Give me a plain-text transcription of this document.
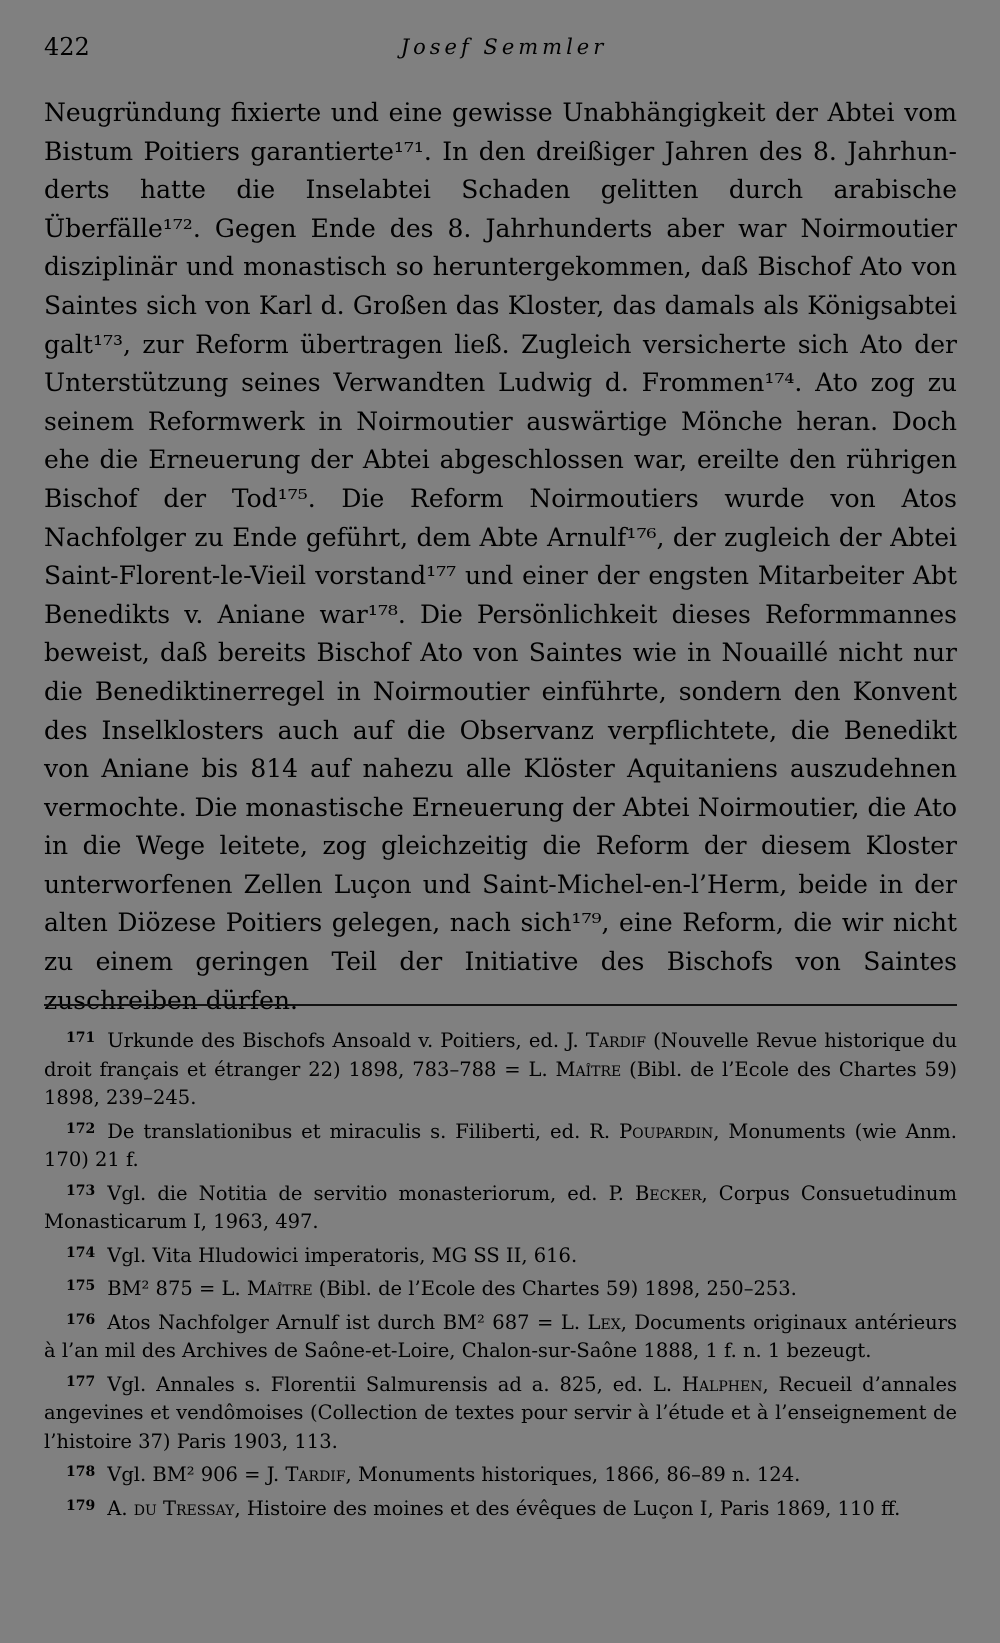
422	Josef Semmler

Neugründung fixierte und eine gewisse Unabhängigkeit der Abtei vom Bistum Poitiers garantierte¹⁷¹. In den dreißiger Jahren des 8. Jahrhunderts hatte die Inselabtei Schaden gelitten durch arabische Überfälle¹⁷². Gegen Ende des 8. Jahrhunderts aber war Noirmoutier disziplinär und monastisch so heruntergekommen, daß Bischof Ato von Saintes sich von Karl d. Großen das Kloster, das damals als Königsabtei galt¹⁷³, zur Reform übertragen ließ. Zugleich versicherte sich Ato der Unterstützung seines Verwandten Ludwig d. Frommen¹⁷⁴. Ato zog zu seinem Reformwerk in Noirmoutier auswärtige Mönche heran. Doch ehe die Erneuerung der Abtei abgeschlossen war, ereilte den rührigen Bischof der Tod¹⁷⁵. Die Reform Noirmoutiers wurde von Atos Nachfolger zu Ende geführt, dem Abte Arnulf¹⁷⁶, der zugleich der Abtei Saint-Florent-le-Vieil vorstand¹⁷⁷ und einer der engsten Mitarbeiter Abt Benedikts v. Aniane war¹⁷⁸. Die Persönlichkeit dieses Reformmannes beweist, daß bereits Bischof Ato von Saintes wie in Nouaillé nicht nur die Benediktinerregel in Noirmoutier einführte, sondern den Konvent des Inselklosters auch auf die Observanz verpflichtete, die Benedikt von Aniane bis 814 auf nahezu alle Klöster Aquitaniens auszudehnen vermochte. Die monastische Erneuerung der Abtei Noirmoutier, die Ato in die Wege leitete, zog gleichzeitig die Reform der diesem Kloster unterworfenen Zellen Luçon und Saint-Michel-en-l’Herm, beide in der alten Diözese Poitiers gelegen, nach sich¹⁷⁹, eine Reform, die wir nicht zu einem geringen Teil der Initiative des Bischofs von Saintes zuschreiben dürfen.

$^{171}$ Urkunde des Bischofs Ansoald v. Poitiers, ed. J. Tardif (Nouvelle Revue historique du droit français et étranger 22) 1898, 783–788 = L. Maître (Bibl. de l’Ecole des Chartes 59) 1898, 239–245.

$^{172}$ De translationibus et miraculis s. Filiberti, ed. R. Poupardin, Monuments (wie Anm. 170) 21 f.

$^{173}$ Vgl. die Notitia de servitio monasteriorum, ed. P. Becker, Corpus Consuetudinum Monasticarum I, 1963, 497.

$^{174}$ Vgl. Vita Hludowici imperatoris, MG SS II, 616.

$^{175}$ BM² 875 = L. Maître (Bibl. de l’Ecole des Chartes 59) 1898, 250–253.

$^{176}$ Atos Nachfolger Arnulf ist durch BM² 687 = L. Lex, Documents originaux antérieurs à l’an mil des Archives de Saône-et-Loire, Chalon-sur-Saône 1888, 1 f. n. 1 bezeugt.

$^{177}$ Vgl. Annales s. Florentii Salmurensis ad a. 825, ed. L. Halphen, Recueil d’annales angevines et vendômoises (Collection de textes pour servir à l’étude et à l’enseignement de l’histoire 37) Paris 1903, 113.

$^{178}$ Vgl. BM² 906 = J. Tardif, Monuments historiques, 1866, 86–89 n. 124.

$^{179}$ A. du Tressay, Histoire des moines et des évêques de Luçon I, Paris 1869, 110 ff.
